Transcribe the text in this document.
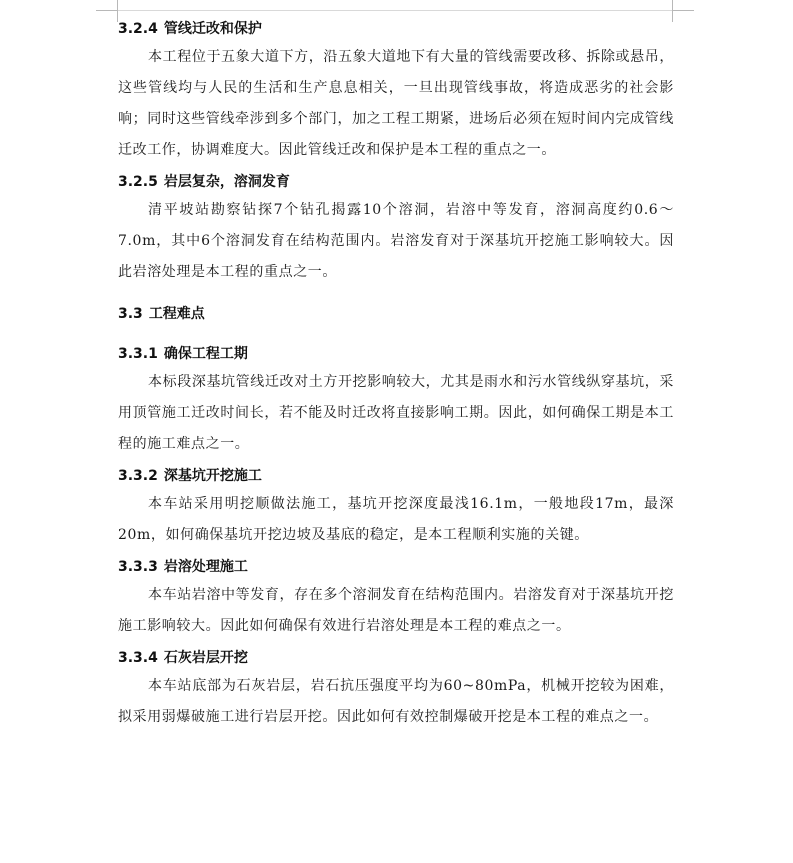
3.2.4 管线迁改和保护

本工程位于五象大道下方，沿五象大道地下有大量的管线需要改移、拆除或悬吊，这些管线均与人民的生活和生产息息相关，一旦出现管线事故，将造成恶劣的社会影响；同时这些管线牵涉到多个部门，加之工程工期紧，进场后必须在短时间内完成管线迁改工作，协调难度大。因此管线迁改和保护是本工程的重点之一。

3.2.5 岩层复杂，溶洞发育

清平坡站勘察钻探7个钻孔揭露10个溶洞，岩溶中等发育，溶洞高度约0.6～7.0m，其中6个溶洞发育在结构范围内。岩溶发育对于深基坑开挖施工影响较大。因此岩溶处理是本工程的重点之一。

3.3 工程难点
3.3.1 确保工程工期

本标段深基坑管线迁改对土方开挖影响较大，尤其是雨水和污水管线纵穿基坑，采用顶管施工迁改时间长，若不能及时迁改将直接影响工期。因此，如何确保工期是本工程的施工难点之一。

3.3.2 深基坑开挖施工

本车站采用明挖顺做法施工，基坑开挖深度最浅16.1m，一般地段17m，最深20m，如何确保基坑开挖边坡及基底的稳定，是本工程顺利实施的关键。

3.3.3 岩溶处理施工

本车站岩溶中等发育，存在多个溶洞发育在结构范围内。岩溶发育对于深基坑开挖施工影响较大。因此如何确保有效进行岩溶处理是本工程的难点之一。

3.3.4 石灰岩层开挖

本车站底部为石灰岩层，岩石抗压强度平均为60~80mPa，机械开挖较为困难，拟采用弱爆破施工进行岩层开挖。因此如何有效控制爆破开挖是本工程的难点之一。
